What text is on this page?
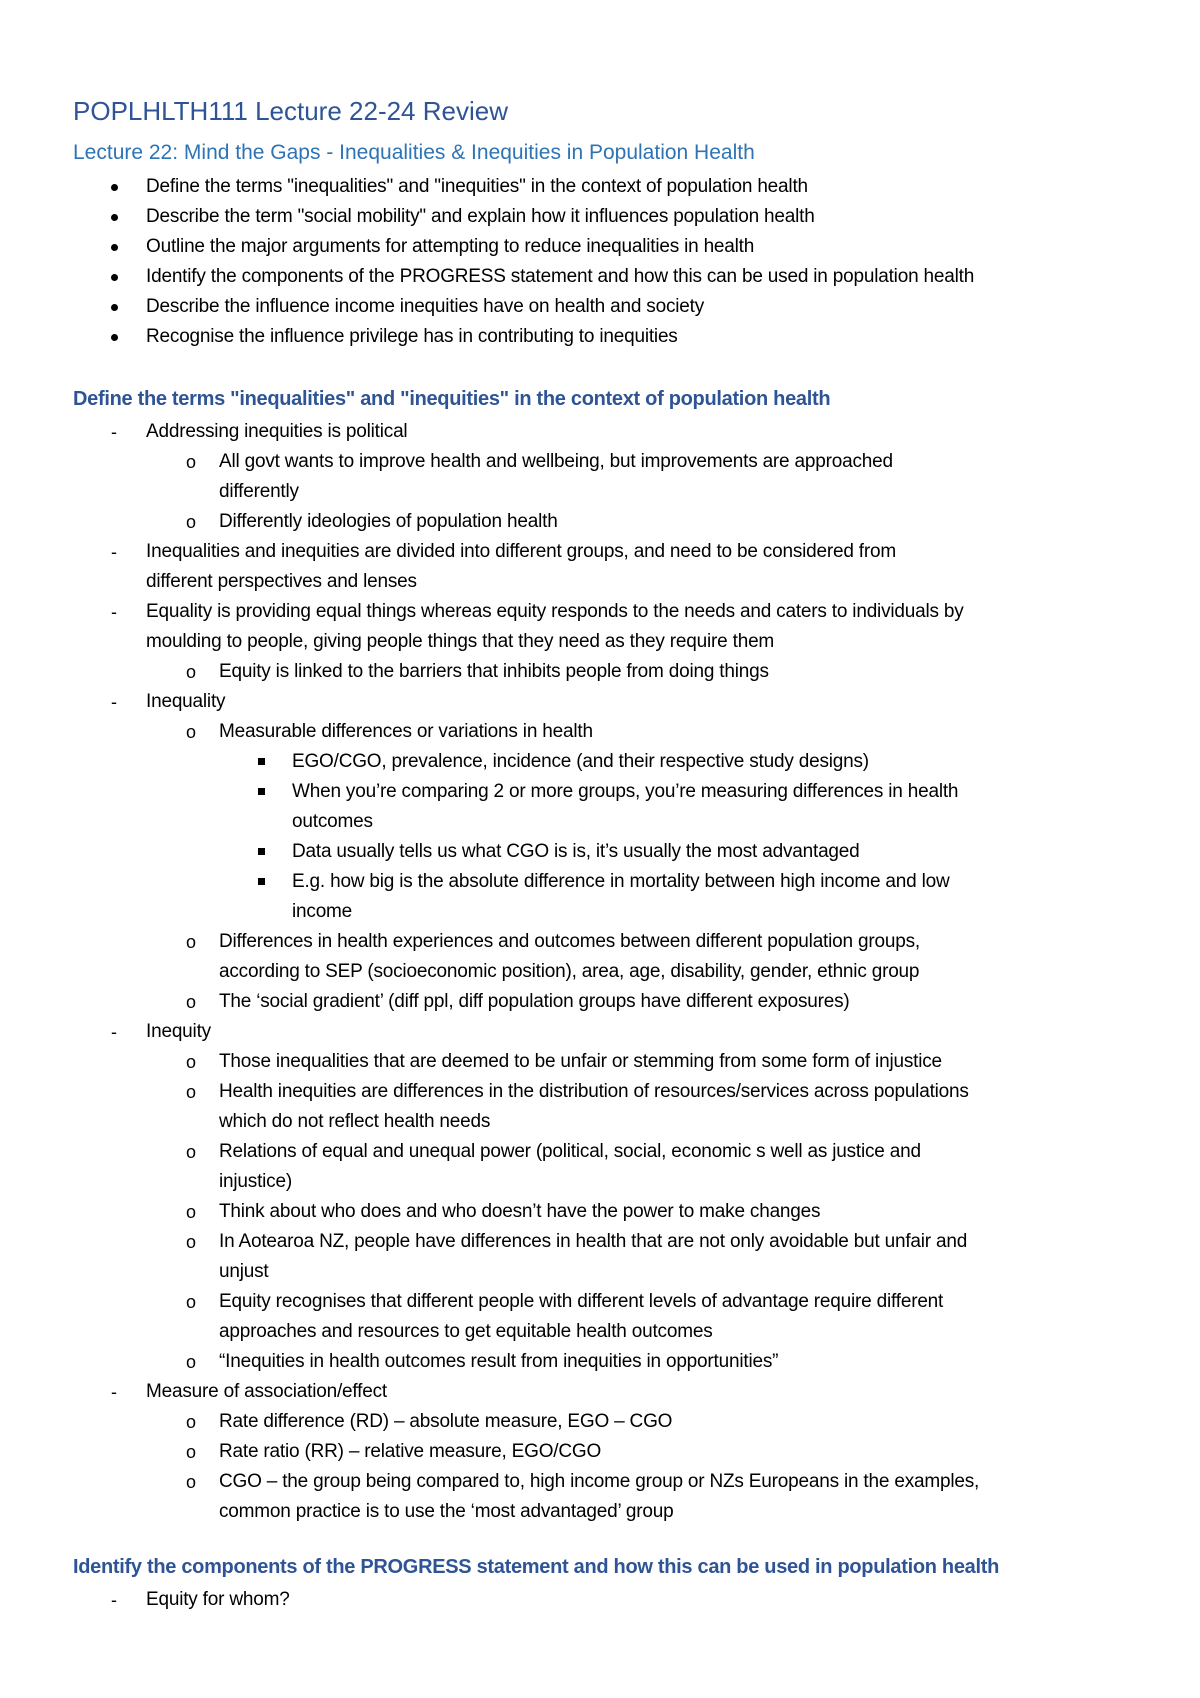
POPLHLTH111 Lecture 22-24 Review
Lecture 22: Mind the Gaps - Inequalities & Inequities in Population Health
Define the terms "inequalities" and "inequities" in the context of population health
Describe the term "social mobility" and explain how it influences population health
Outline the major arguments for attempting to reduce inequalities in health
Identify the components of the PROGRESS statement and how this can be used in population health
Describe the influence income inequities have on health and society
Recognise the influence privilege has in contributing to inequities
Define the terms "inequalities" and "inequities" in the context of population health
- Addressing inequities is political
o All govt wants to improve health and wellbeing, but improvements are approached
differently
o Differently ideologies of population health
- Inequalities and inequities are divided into different groups, and need to be considered from
different perspectives and lenses
- Equality is providing equal things whereas equity responds to the needs and caters to individuals by
moulding to people, giving people things that they need as they require them
o Equity is linked to the barriers that inhibits people from doing things
- Inequality
o Measurable differences or variations in health
EGO/CGO, prevalence, incidence (and their respective study designs)
When you’re comparing 2 or more groups, you’re measuring differences in health
outcomes
Data usually tells us what CGO is is, it’s usually the most advantaged
E.g. how big is the absolute difference in mortality between high income and low
income
o Differences in health experiences and outcomes between different population groups,
according to SEP (socioeconomic position), area, age, disability, gender, ethnic group
o The ‘social gradient’ (diff ppl, diff population groups have different exposures)
- Inequity
o Those inequalities that are deemed to be unfair or stemming from some form of injustice
o Health inequities are differences in the distribution of resources/services across populations
which do not reflect health needs
o Relations of equal and unequal power (political, social, economic s well as justice and
injustice)
o Think about who does and who doesn’t have the power to make changes
o In Aotearoa NZ, people have differences in health that are not only avoidable but unfair and
unjust
o Equity recognises that different people with different levels of advantage require different
approaches and resources to get equitable health outcomes
o “Inequities in health outcomes result from inequities in opportunities”
- Measure of association/effect
o Rate difference (RD) – absolute measure, EGO – CGO
o Rate ratio (RR) – relative measure, EGO/CGO
o CGO – the group being compared to, high income group or NZs Europeans in the examples,
common practice is to use the ‘most advantaged’ group
Identify the components of the PROGRESS statement and how this can be used in population health
- Equity for whom?
